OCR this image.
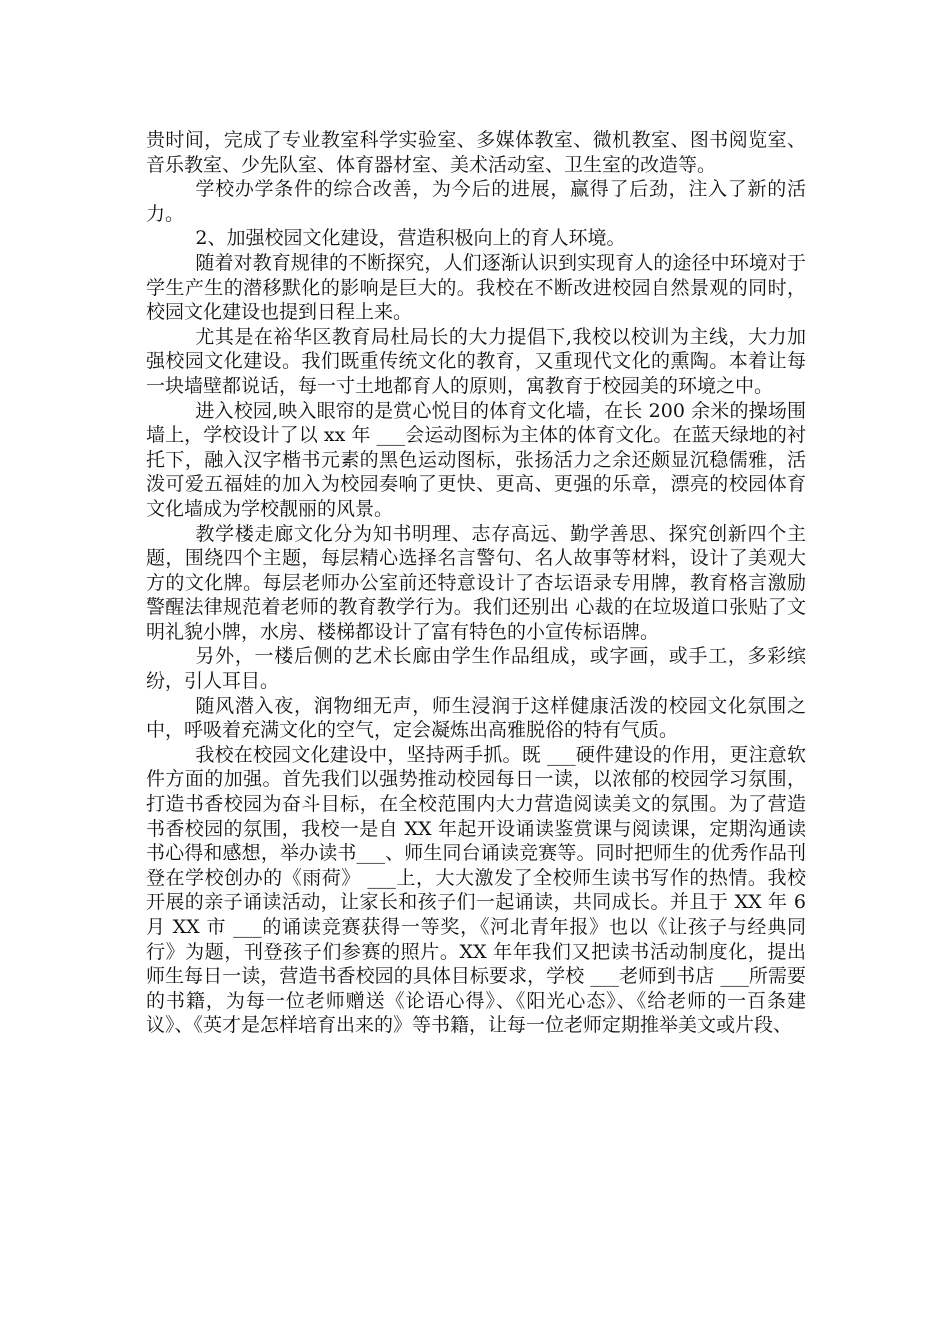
贵时间，完成了专业教室科学实验室、多媒体教室、微机教室、图书阅览室、音乐教室、少先队室、体育器材室、美术活动室、卫生室的改造等。

学校办学条件的综合改善，为今后的进展，赢得了后劲，注入了新的活力。

2、加强校园文化建设，营造积极向上的育人环境。

随着对教育规律的不断探究，人们逐渐认识到实现育人的途径中环境对于学生产生的潜移默化的影响是巨大的。我校在不断改进校园自然景观的同时，校园文化建设也提到日程上来。

尤其是在裕华区教育局杜局长的大力提倡下,我校以校训为主线，大力加强校园文化建设。我们既重传统文化的教育，又重现代文化的熏陶。本着让每一块墙壁都说话，每一寸土地都育人的原则，寓教育于校园美的环境之中。

进入校园,映入眼帘的是赏心悦目的体育文化墙，在长 200 余米的操场围墙上，学校设计了以 xx 年 ___会运动图标为主体的体育文化。在蓝天绿地的衬托下，融入汉字楷书元素的黑色运动图标，张扬活力之余还颇显沉稳儒雅，活泼可爱五福娃的加入为校园奏响了更快、更高、更强的乐章，漂亮的校园体育文化墙成为学校靓丽的风景。

教学楼走廊文化分为知书明理、志存高远、勤学善思、探究创新四个主题，围绕四个主题，每层精心选择名言警句、名人故事等材料，设计了美观大方的文化牌。每层老师办公室前还特意设计了杏坛语录专用牌，教育格言激励警醒法律规范着老师的教育教学行为。我们还别出 心裁的在垃圾道口张贴了文明礼貌小牌，水房、楼梯都设计了富有特色的小宣传标语牌。

另外，一楼后侧的艺术长廊由学生作品组成，或字画，或手工，多彩缤纷，引人耳目。

随风潜入夜，润物细无声，师生浸润于这样健康活泼的校园文化氛围之中，呼吸着充满文化的空气，定会凝炼出高雅脱俗的特有气质。

我校在校园文化建设中，坚持两手抓。既 ___硬件建设的作用，更注意软件方面的加强。首先我们以强势推动校园每日一读，以浓郁的校园学习氛围，打造书香校园为奋斗目标，在全校范围内大力营造阅读美文的氛围。为了营造书香校园的氛围，我校一是自 XX 年起开设诵读鉴赏课与阅读课，定期沟通读书心得和感想，举办读书___、师生同台诵读竞赛等。同时把师生的优秀作品刊登在学校创办的《雨荷》 ___上，大大激发了全校师生读书写作的热情。我校开展的亲子诵读活动，让家长和孩子们一起诵读，共同成长。并且于 XX 年 6 月 XX 市 ___的诵读竞赛获得一等奖，《河北青年报》也以《让孩子与经典同行》为题，刊登孩子们参赛的照片。XX 年年我们又把读书活动制度化，提出师生每日一读，营造书香校园的具体目标要求，学校 ___老师到书店 ___所需要的书籍，为每一位老师赠送《论语心得》、《阳光心态》、《给老师的一百条建议》、《英才是怎样培育出来的》等书籍，让每一位老师定期推举美文或片段、
